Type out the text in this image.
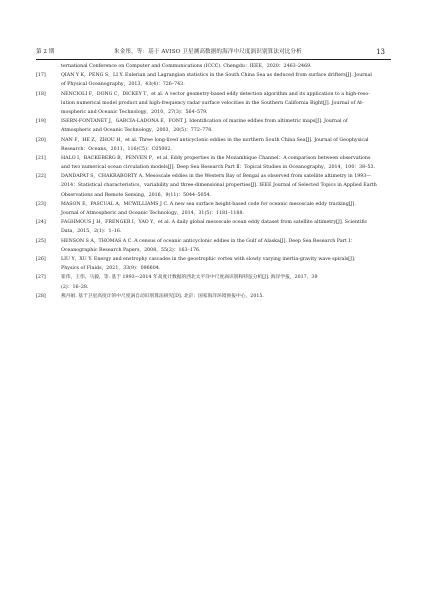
第 2 期	朱金彤，等：基于 AVISO 卫星测高数据的海洋中尺度涡识别算法对比分析	13
ternational Conference on Computer and Communications (ICCC). Chengdu：IEEE，2020：2463–2469.
[17]	QIAN Y K，PENG S，LI Y. Eulerian and Lagrangian statistics in the South China Sea as deduced from surface drifters[J]. Journal
of Physical Oceanography，2013，43(4)：726–743.
[18]	NENCIOLI F，DONG C，DICKEY T，et al. A vector geometry-based eddy detection algorithm and its application to a high-reso-
lution numerical model product and high-frequency radar surface velocities in the Southern California Bight[J]. Journal of At-
mospheric and Oceanic Technology，2010，27(3)：564–579.
[19]	ISERN-FONTANET J，GARCÍA-LADONA E，FONT J. Identification of marine eddies from altimetric maps[J]. Journal of
Atmospheric and Oceanic Technology，2003，20(5)：772–778.
[20]	NAN F，HE Z，ZHOU H，et al. Three long-lived anticyclonic eddies in the northern South China Sea[J]. Journal of Geophysical
Research：Oceans，2011，116(C5)：C05002.
[21]	HALO I，BACKEBERG B，PENVEN P，et al. Eddy properties in the Mozambique Channel：A comparison between observations
and two numerical ocean circulation models[J]. Deep Sea Research Part Ⅱ：Topical Studies in Oceanography，2014，100：38–53.
[22]	DANDAPAT S，CHAKRABORTY A. Mesoscale eddies in the Western Bay of Bengal as observed from satellite altimetry in 1993—
2014：Statistical characteristics，variability and three-dimensional properties[J]. IEEE Journal of Selected Topics in Applied Earth
Observations and Remote Sensing，2016，9(11)：5044–5054.
[23]	MASON E，PASCUAL A，MCWILLIAMS J C. A new sea surface height-based code for oceanic mesoscale eddy tracking[J].
Journal of Atmospheric and Oceanic Technology，2014，31(5)：1181–1188.
[24]	FAGHMOUS J H，FRENGER I，YAO Y，et al. A daily global mesoscale ocean eddy dataset from satellite altimetry[J]. Scientific
Data，2015，2(1)：1–16.
[25]	HENSON S A，THOMAS A C. A census of oceanic anticyclonic eddies in the Gulf of Alaska[J]. Deep Sea Research Part Ⅰ：
Oceanographic Research Papers，2008，55(2)：163–176.
[26]	LIU Y，XU Y. Energy and enstrophy cascades in the geostrophic vortex with slowly varying inertia-gravity wave spirals[J].
Physics of Fluids，2021，33(9)：096604.
[27]	崔伟，王伟，马毅，等. 基于 1993—2014 年高度计数据的西北太平洋中尺度涡识别和特征分析[J]. 海洋学报，2017，39
(2)：16–28.
[28]	燕丹娟. 基于卫星高度计的中尺度涡自动识别算法研究[D]. 北京：国家海洋环境预报中心，2015.
